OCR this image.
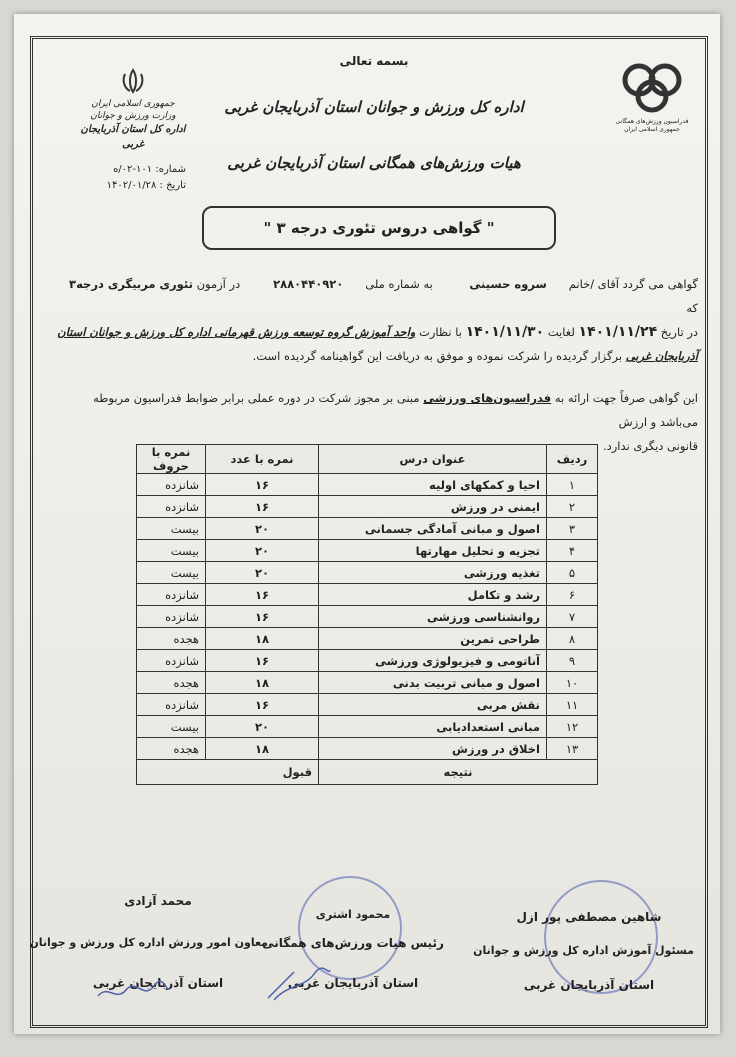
جمهوری اسلامی ایران
وزارت ورزش و جوانان
اداره کل استان آذربایجان غربی
شماره: ۱۰۱-۰۲/ه
تاریخ : ۱۴۰۲/۰۱/۲۸
بسمه تعالی
اداره کل ورزش و جوانان استان آذربایجان غربی
هیات ورزش‌های همگانی استان آذربایجان غربی
فدراسیون ورزش‌های همگانی
جمهوری اسلامی ایران
" گواهی دروس تئوری درجه ۳ "
گواهی می گردد آقای /خانم      سروه حسینی          به شماره ملی      ۲۸۸۰۴۴۰۹۲۰         در آزمون تئوری مربیگری درجه۳ که
در تاریخ ۱۴۰۱/۱۱/۲۴ لغایت ۱۴۰۱/۱۱/۳۰ با نظارت واحد آموزش گروه توسعه ورزش قهرمانی اداره کل ورزش و جوانان استان
آذربایجان غربی برگزار گردیده را شرکت نموده و موفق به دریافت این گواهینامه گردیده است.
این گواهی صرفاً جهت ارائه به فدراسیون‌های ورزشی مبنی بر مجوز شرکت در دوره عملی برابر ضوابط فدراسیون مربوطه می‌باشد و ارزش
قانونی دیگری ندارد.
ردیف	عنوان درس	نمره با عدد	نمره با حروف
۱	احیا و کمکهای اولیه	۱۶	شانزده
۲	ایمنی در ورزش	۱۶	شانزده
۳	اصول و مبانی آمادگی جسمانی	۲۰	بیست
۴	تجزیه و تحلیل مهارتها	۲۰	بیست
۵	تغذیه ورزشی	۲۰	بیست
۶	رشد و تکامل	۱۶	شانزده
۷	روانشناسی ورزشی	۱۶	شانزده
۸	طراحی تمرین	۱۸	هجده
۹	آناتومی و فیزیولوژی ورزشی	۱۶	شانزده
۱۰	اصول و مبانی تربیت بدنی	۱۸	هجده
۱۱	نقش مربی	۱۶	شانزده
۱۲	مبانی استعدادیابی	۲۰	بیست
۱۳	اخلاق در ورزش	۱۸	هجده
نتیجه		قبول	
محمد آزادی
معاون امور ورزش اداره کل ورزش و جوانان
استان آذربایجان غربی
محمود اشتری
رئیس هیات ورزش‌های همگانی
استان آذربایجان غربی
شاهین مصطفی پور ازل
مسئول آموزش اداره کل ورزش و جوانان
استان آذربایجان غربی
